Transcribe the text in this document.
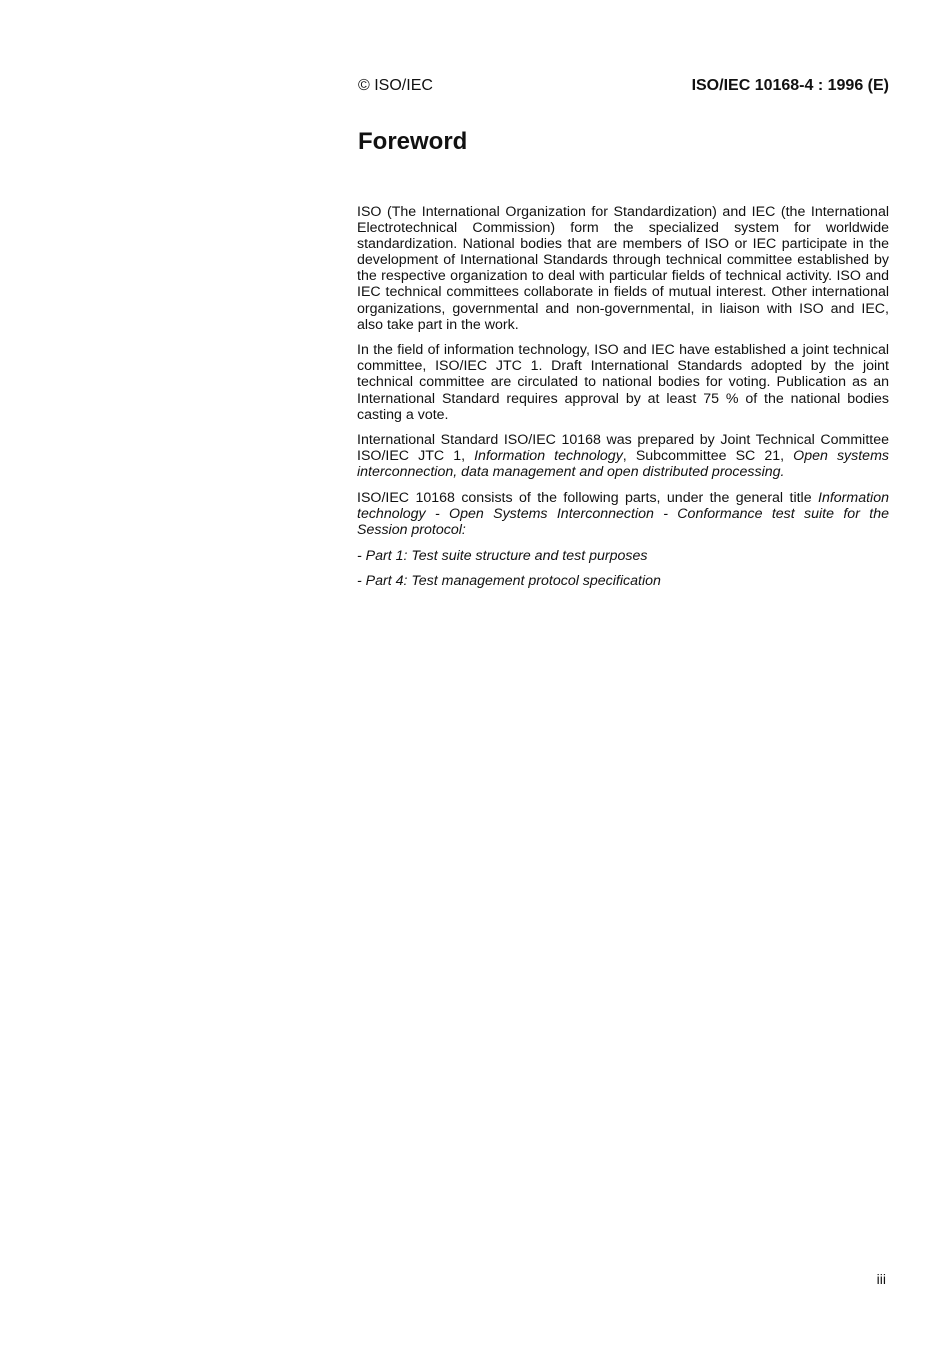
© ISO/IEC	ISO/IEC 10168-4 : 1996 (E)
Foreword

ISO (The International Organization for Standardization) and IEC (the International Electrotechnical Commission) form the specialized system for worldwide standardization. National bodies that are members of ISO or IEC participate in the development of International Standards through technical committee established by the respective organization to deal with particular fields of technical activity. ISO and IEC technical committees collaborate in fields of mutual interest. Other international organizations, governmental and non-governmental, in liaison with ISO and IEC, also take part in the work.

In the field of information technology, ISO and IEC have established a joint technical committee, ISO/IEC JTC 1. Draft International Standards adopted by the joint technical committee are circulated to national bodies for voting. Publication as an International Standard requires approval by at least 75 % of the national bodies casting a vote.

International Standard ISO/IEC 10168 was prepared by Joint Technical Committee ISO/IEC JTC 1, Information technology, Subcommittee SC 21, Open systems interconnection, data management and open distributed processing.

ISO/IEC 10168 consists of the following parts, under the general title Information technology - Open Systems Interconnection - Conformance test suite for the Session protocol:

- Part 1: Test suite structure and test purposes

- Part 4: Test management protocol specification

iii
